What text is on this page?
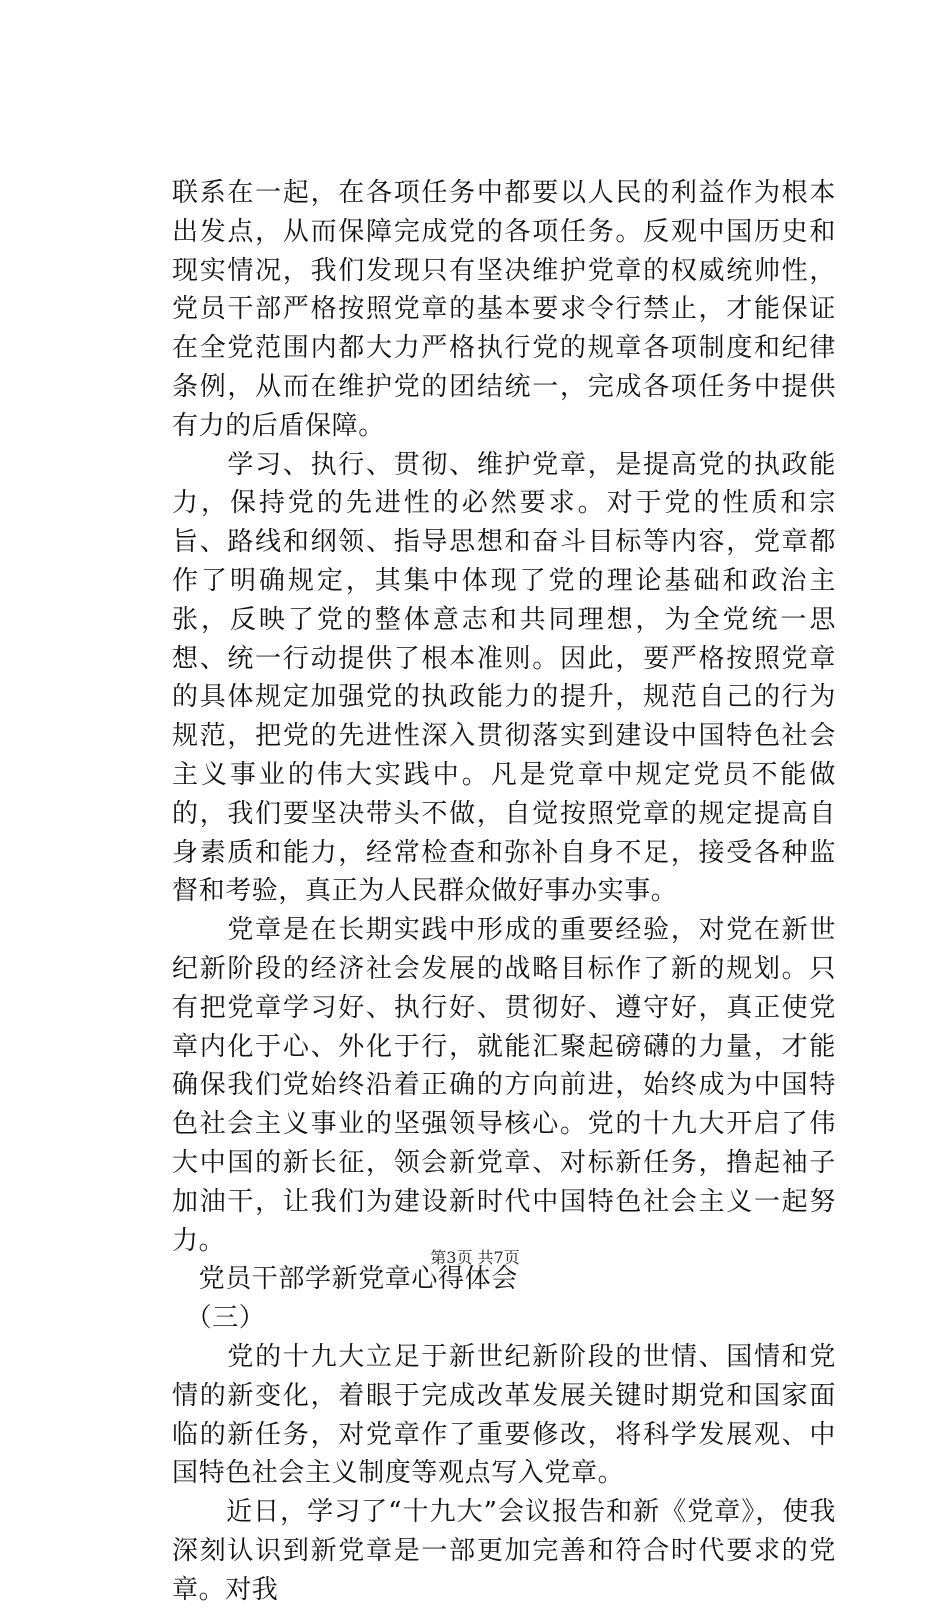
联系在一起，在各项任务中都要以人民的利益作为根本出发点，从而保障完成党的各项任务。反观中国历史和现实情况，我们发现只有坚决维护党章的权威统帅性，党员干部严格按照党章的基本要求令行禁止，才能保证在全党范围内都大力严格执行党的规章各项制度和纪律条例，从而在维护党的团结统一，完成各项任务中提供有力的后盾保障。

　　学习、执行、贯彻、维护党章，是提高党的执政能力，保持党的先进性的必然要求。对于党的性质和宗旨、路线和纲领、指导思想和奋斗目标等内容，党章都作了明确规定，其集中体现了党的理论基础和政治主张，反映了党的整体意志和共同理想，为全党统一思想、统一行动提供了根本准则。因此，要严格按照党章的具体规定加强党的执政能力的提升，规范自己的行为规范，把党的先进性深入贯彻落实到建设中国特色社会主义事业的伟大实践中。凡是党章中规定党员不能做的，我们要坚决带头不做，自觉按照党章的规定提高自身素质和能力，经常检查和弥补自身不足，接受各种监督和考验，真正为人民群众做好事办实事。

　　党章是在长期实践中形成的重要经验，对党在新世纪新阶段的经济社会发展的战略目标作了新的规划。只有把党章学习好、执行好、贯彻好、遵守好，真正使党章内化于心、外化于行，就能汇聚起磅礴的力量，才能确保我们党始终沿着正确的方向前进，始终成为中国特色社会主义事业的坚强领导核心。党的十九大开启了伟大中国的新长征，领会新党章、对标新任务，撸起袖子加油干，让我们为建设新时代中国特色社会主义一起努力。

　党员干部学新党章心得体会

　（三）

　　党的十九大立足于新世纪新阶段的世情、国情和党情的新变化，着眼于完成改革发展关键时期党和国家面临的新任务，对党章作了重要修改，将科学发展观、中国特色社会主义制度等观点写入党章。

　　近日，学习了“十九大”会议报告和新《党章》，使我深刻认识到新党章是一部更加完善和符合时代要求的党章。对我

第3页 共7页
